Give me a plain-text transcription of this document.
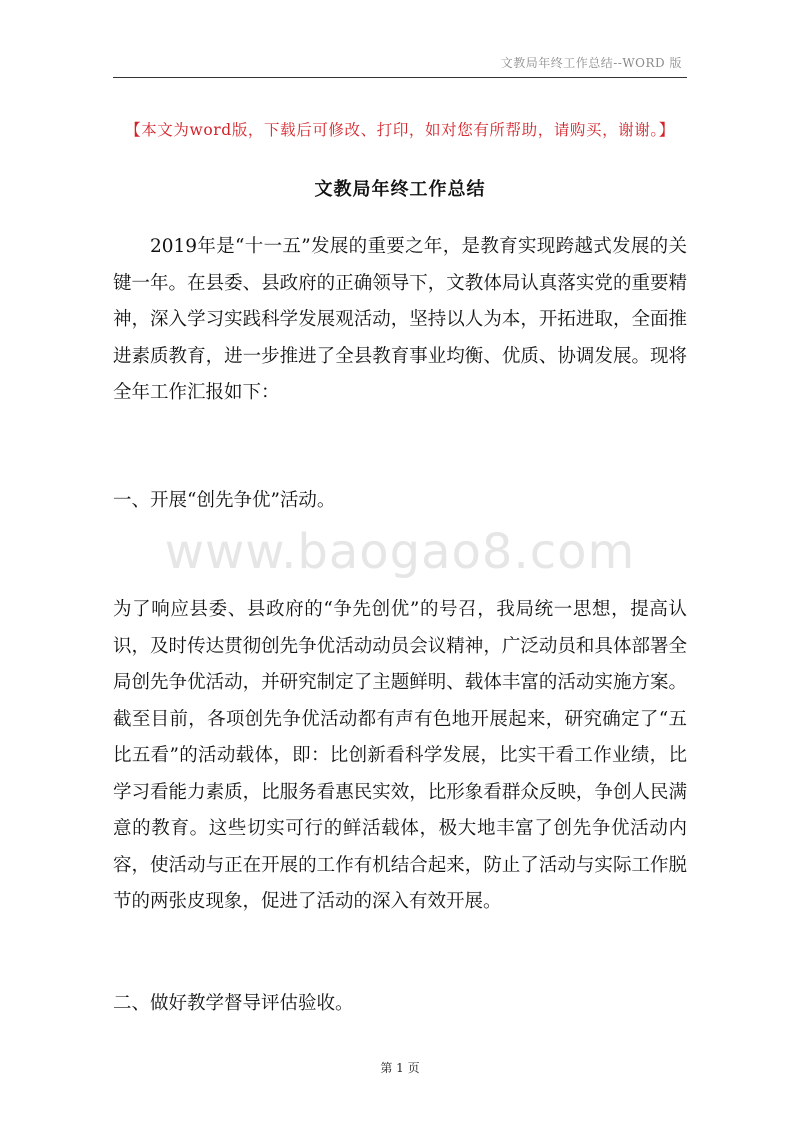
文教局年终工作总结--WORD 版
【本文为word版，下载后可修改、打印，如对您有所帮助，请购买，谢谢。】
文教局年终工作总结

2019年是“十一五”发展的重要之年，是教育实现跨越式发展的关键一年。在县委、县政府的正确领导下，文教体局认真落实党的重要精神，深入学习实践科学发展观活动，坚持以人为本，开拓进取，全面推进素质教育，进一步推进了全县教育事业均衡、优质、协调发展。现将全年工作汇报如下：

一、开展“创先争优”活动。

www.baogao8.com

为了响应县委、县政府的“争先创优”的号召，我局统一思想，提高认识，及时传达贯彻创先争优活动动员会议精神，广泛动员和具体部署全局创先争优活动，并研究制定了主题鲜明、载体丰富的活动实施方案。截至目前，各项创先争优活动都有声有色地开展起来，研究确定了“五比五看”的活动载体，即：比创新看科学发展，比实干看工作业绩，比学习看能力素质，比服务看惠民实效，比形象看群众反映，争创人民满意的教育。这些切实可行的鲜活载体，极大地丰富了创先争优活动内容，使活动与正在开展的工作有机结合起来，防止了活动与实际工作脱节的两张皮现象，促进了活动的深入有效开展。

二、做好教学督导评估验收。

第 1 页
